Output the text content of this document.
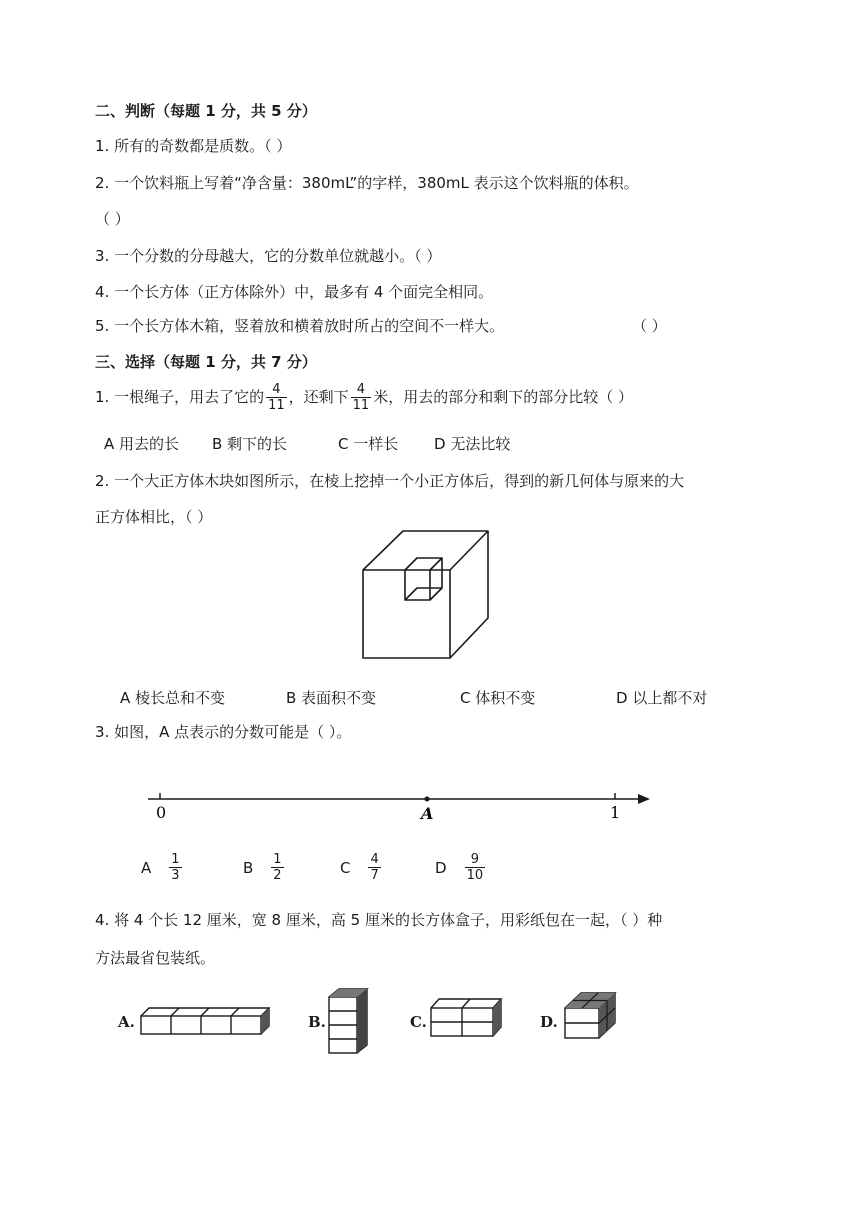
二、判断（每题 1 分，共 5 分）
1. 所有的奇数都是质数。（ ）
2. 一个饮料瓶上写着“净含量：380mL”的字样，380mL 表示这个饮料瓶的体积。
（ ）
3. 一个分数的分母越大，它的分数单位就越小。（ ）
4. 一个长方体（正方体除外）中，最多有 4 个面完全相同。
5. 一个长方体木箱，竖着放和横着放时所占的空间不一样大。	（ ）
三、选择（每题 1 分，共 7 分）
1. 一根绳子，用去了它的 $\frac{4}{11}$ ，还剩下 $\frac{4}{11}$ 米，用去的部分和剩下的部分比较（ ）
A 用去的长 B 剩下的长	C 一样长 D 无法比较
2. 一个大正方体木块如图所示，在棱上挖掉一个小正方体后，得到的新几何体与原来的大
正方体相比，（ ）
A 棱长总和不变	B 表面积不变	C 体积不变	D 以上都不对
3. 如图，A 点表示的分数可能是（ ）。
0	A	1
A $\frac{1}{3}$	B $\frac{1}{2}$	C $\frac{4}{7}$	D $\frac{9}{10}$
4. 将 4 个长 12 厘米，宽 8 厘米，高 5 厘米的长方体盒子，用彩纸包在一起，（ ）种
方法最省包装纸。
A.	B.	C.	D.
